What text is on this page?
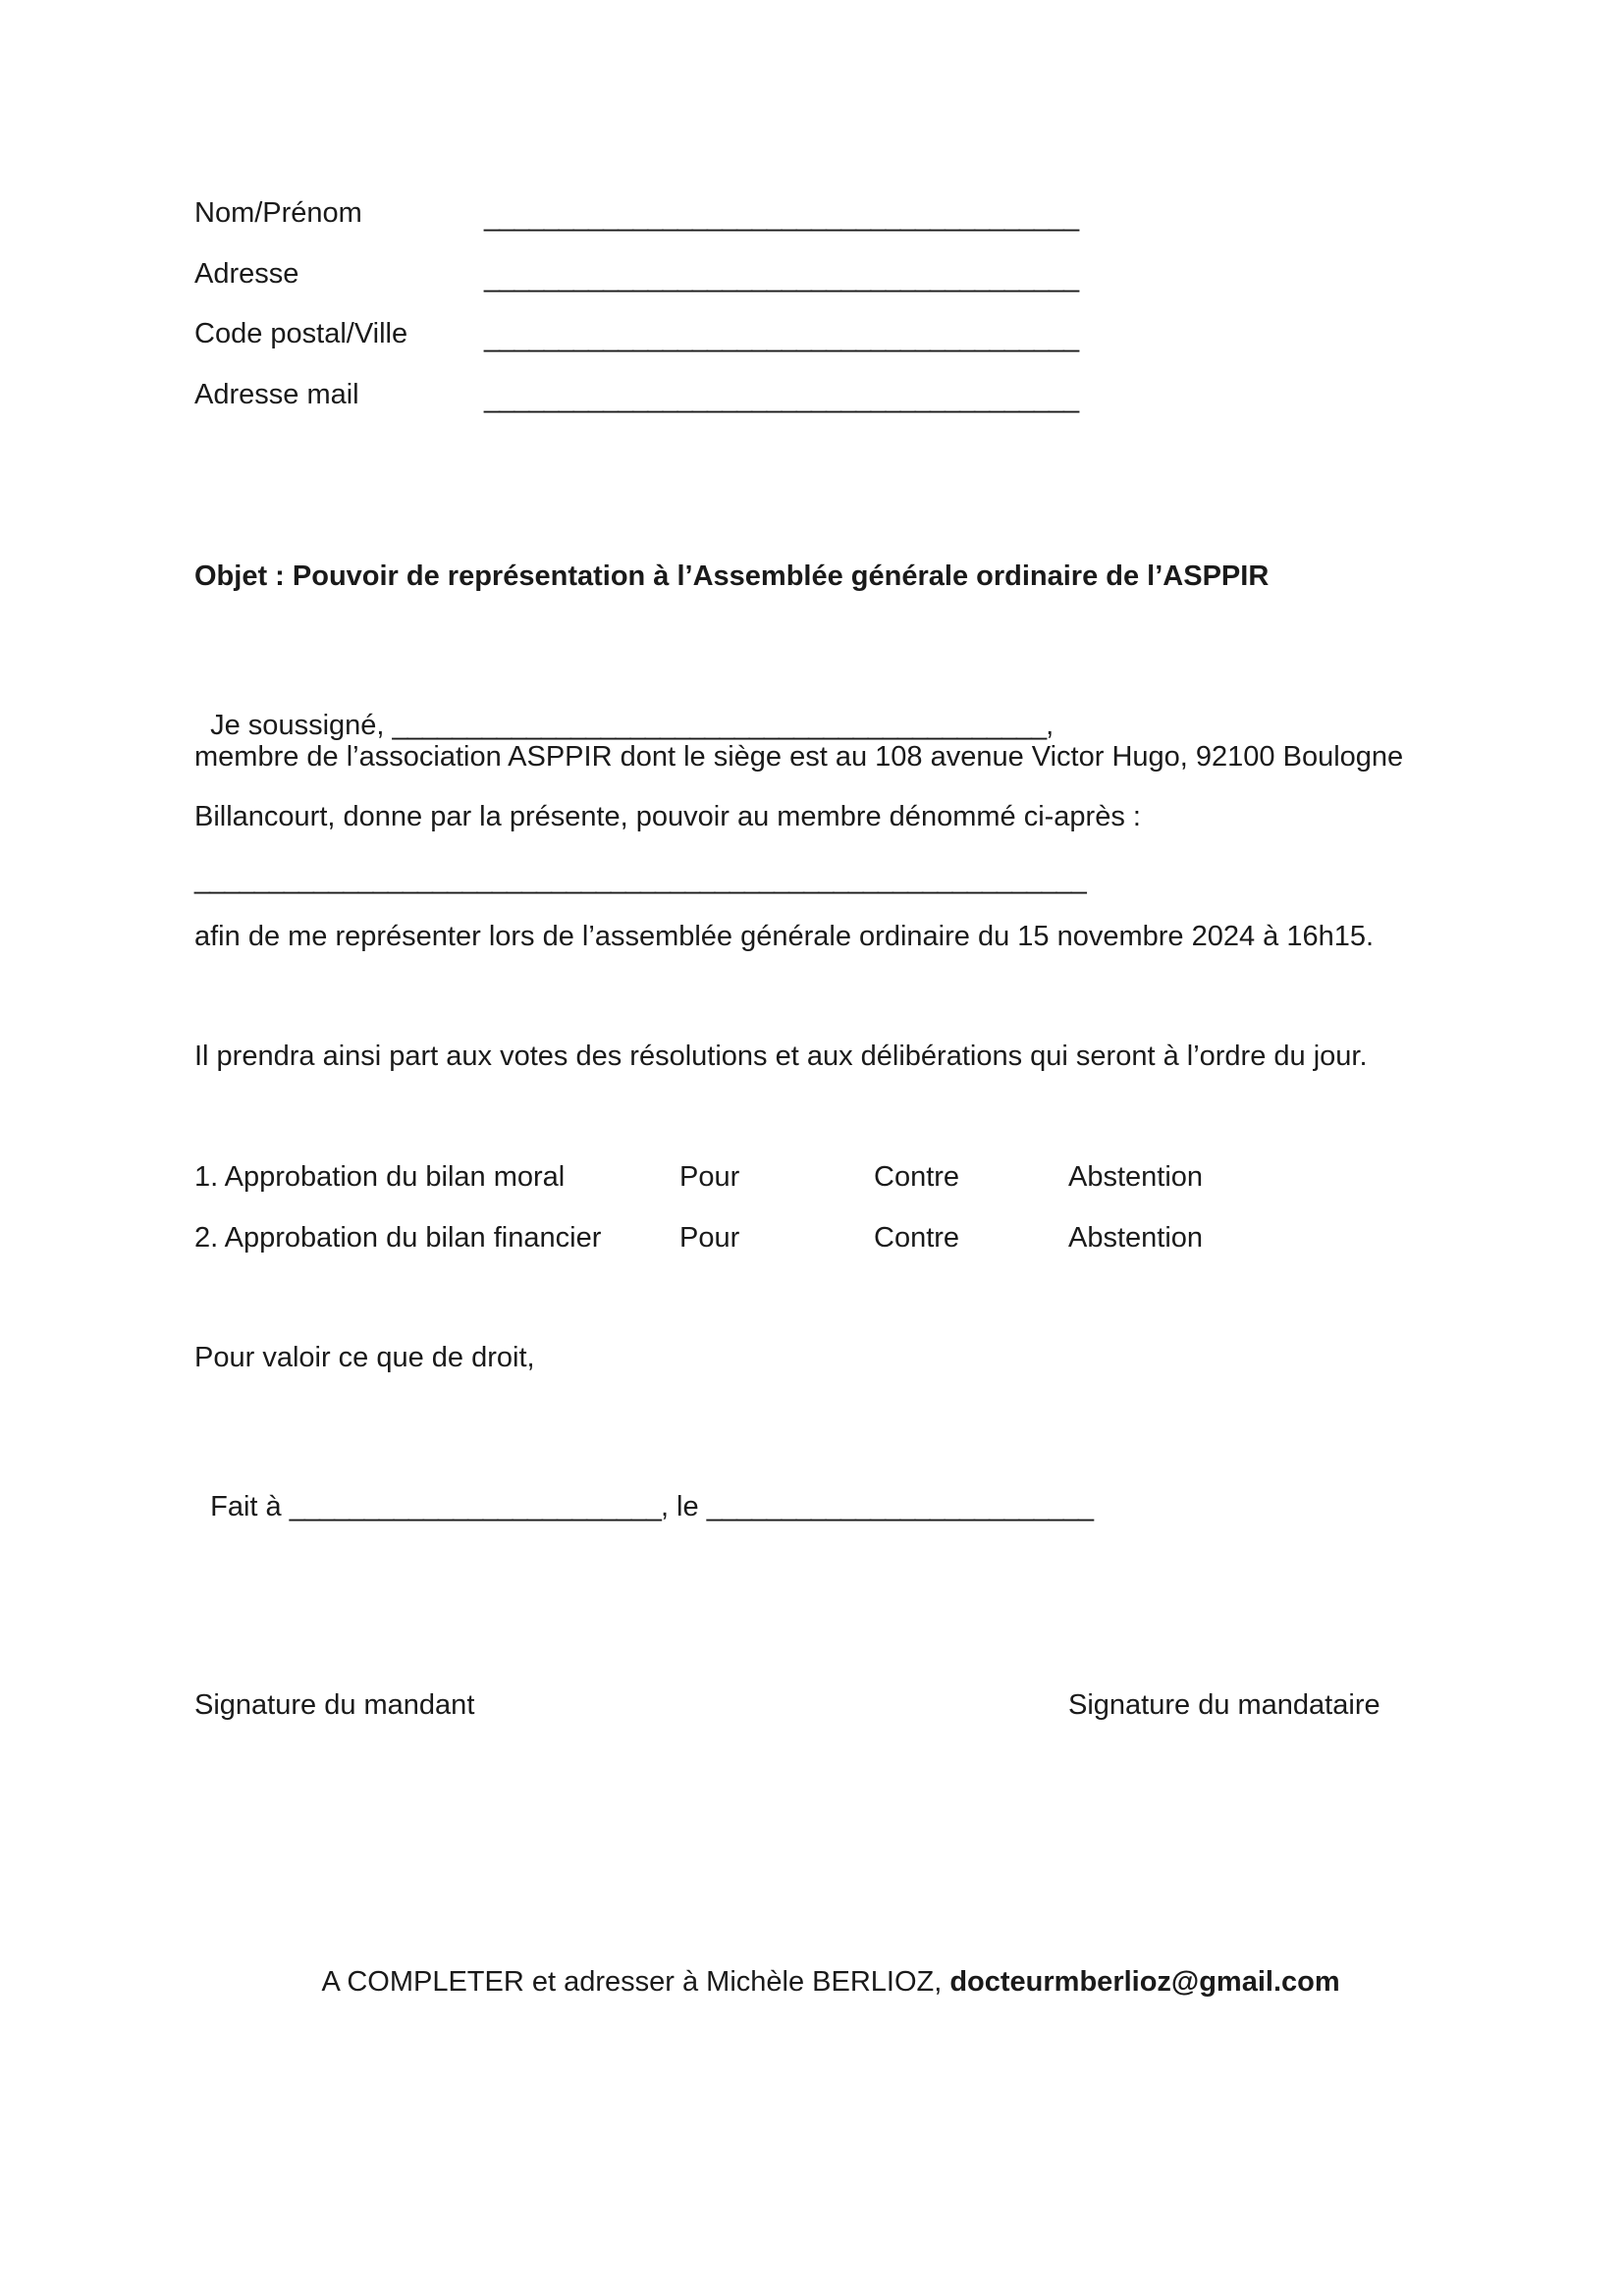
Nom/Prénom	________________________________________
Adresse	________________________________________
Code postal/Ville	________________________________________
Adresse mail	________________________________________
Objet : Pouvoir de représentation à l’Assemblée générale ordinaire de l’ASPPIR

Je soussigné, ____________________________________________,

membre de l’association ASPPIR dont le siège est au 108 avenue Victor Hugo, 92100 Boulogne
Billancourt, donne par la présente, pouvoir au membre dénommé ci-après :
____________________________________________________________
afin de me représenter lors de l’assemblée générale ordinaire du 15 novembre 2024 à 16h15.
Il prendra ainsi part aux votes des résolutions et aux délibérations qui seront à l’ordre du jour.
1. Approbation du bilan moral	Pour	Contre	Abstention
2. Approbation du bilan financier	Pour	Contre	Abstention
Pour valoir ce que de droit,

Fait à _________________________, le __________________________

Signature du mandant	Signature du mandataire

A COMPLETER et adresser à Michèle BERLIOZ, docteurmberlioz@gmail.com
